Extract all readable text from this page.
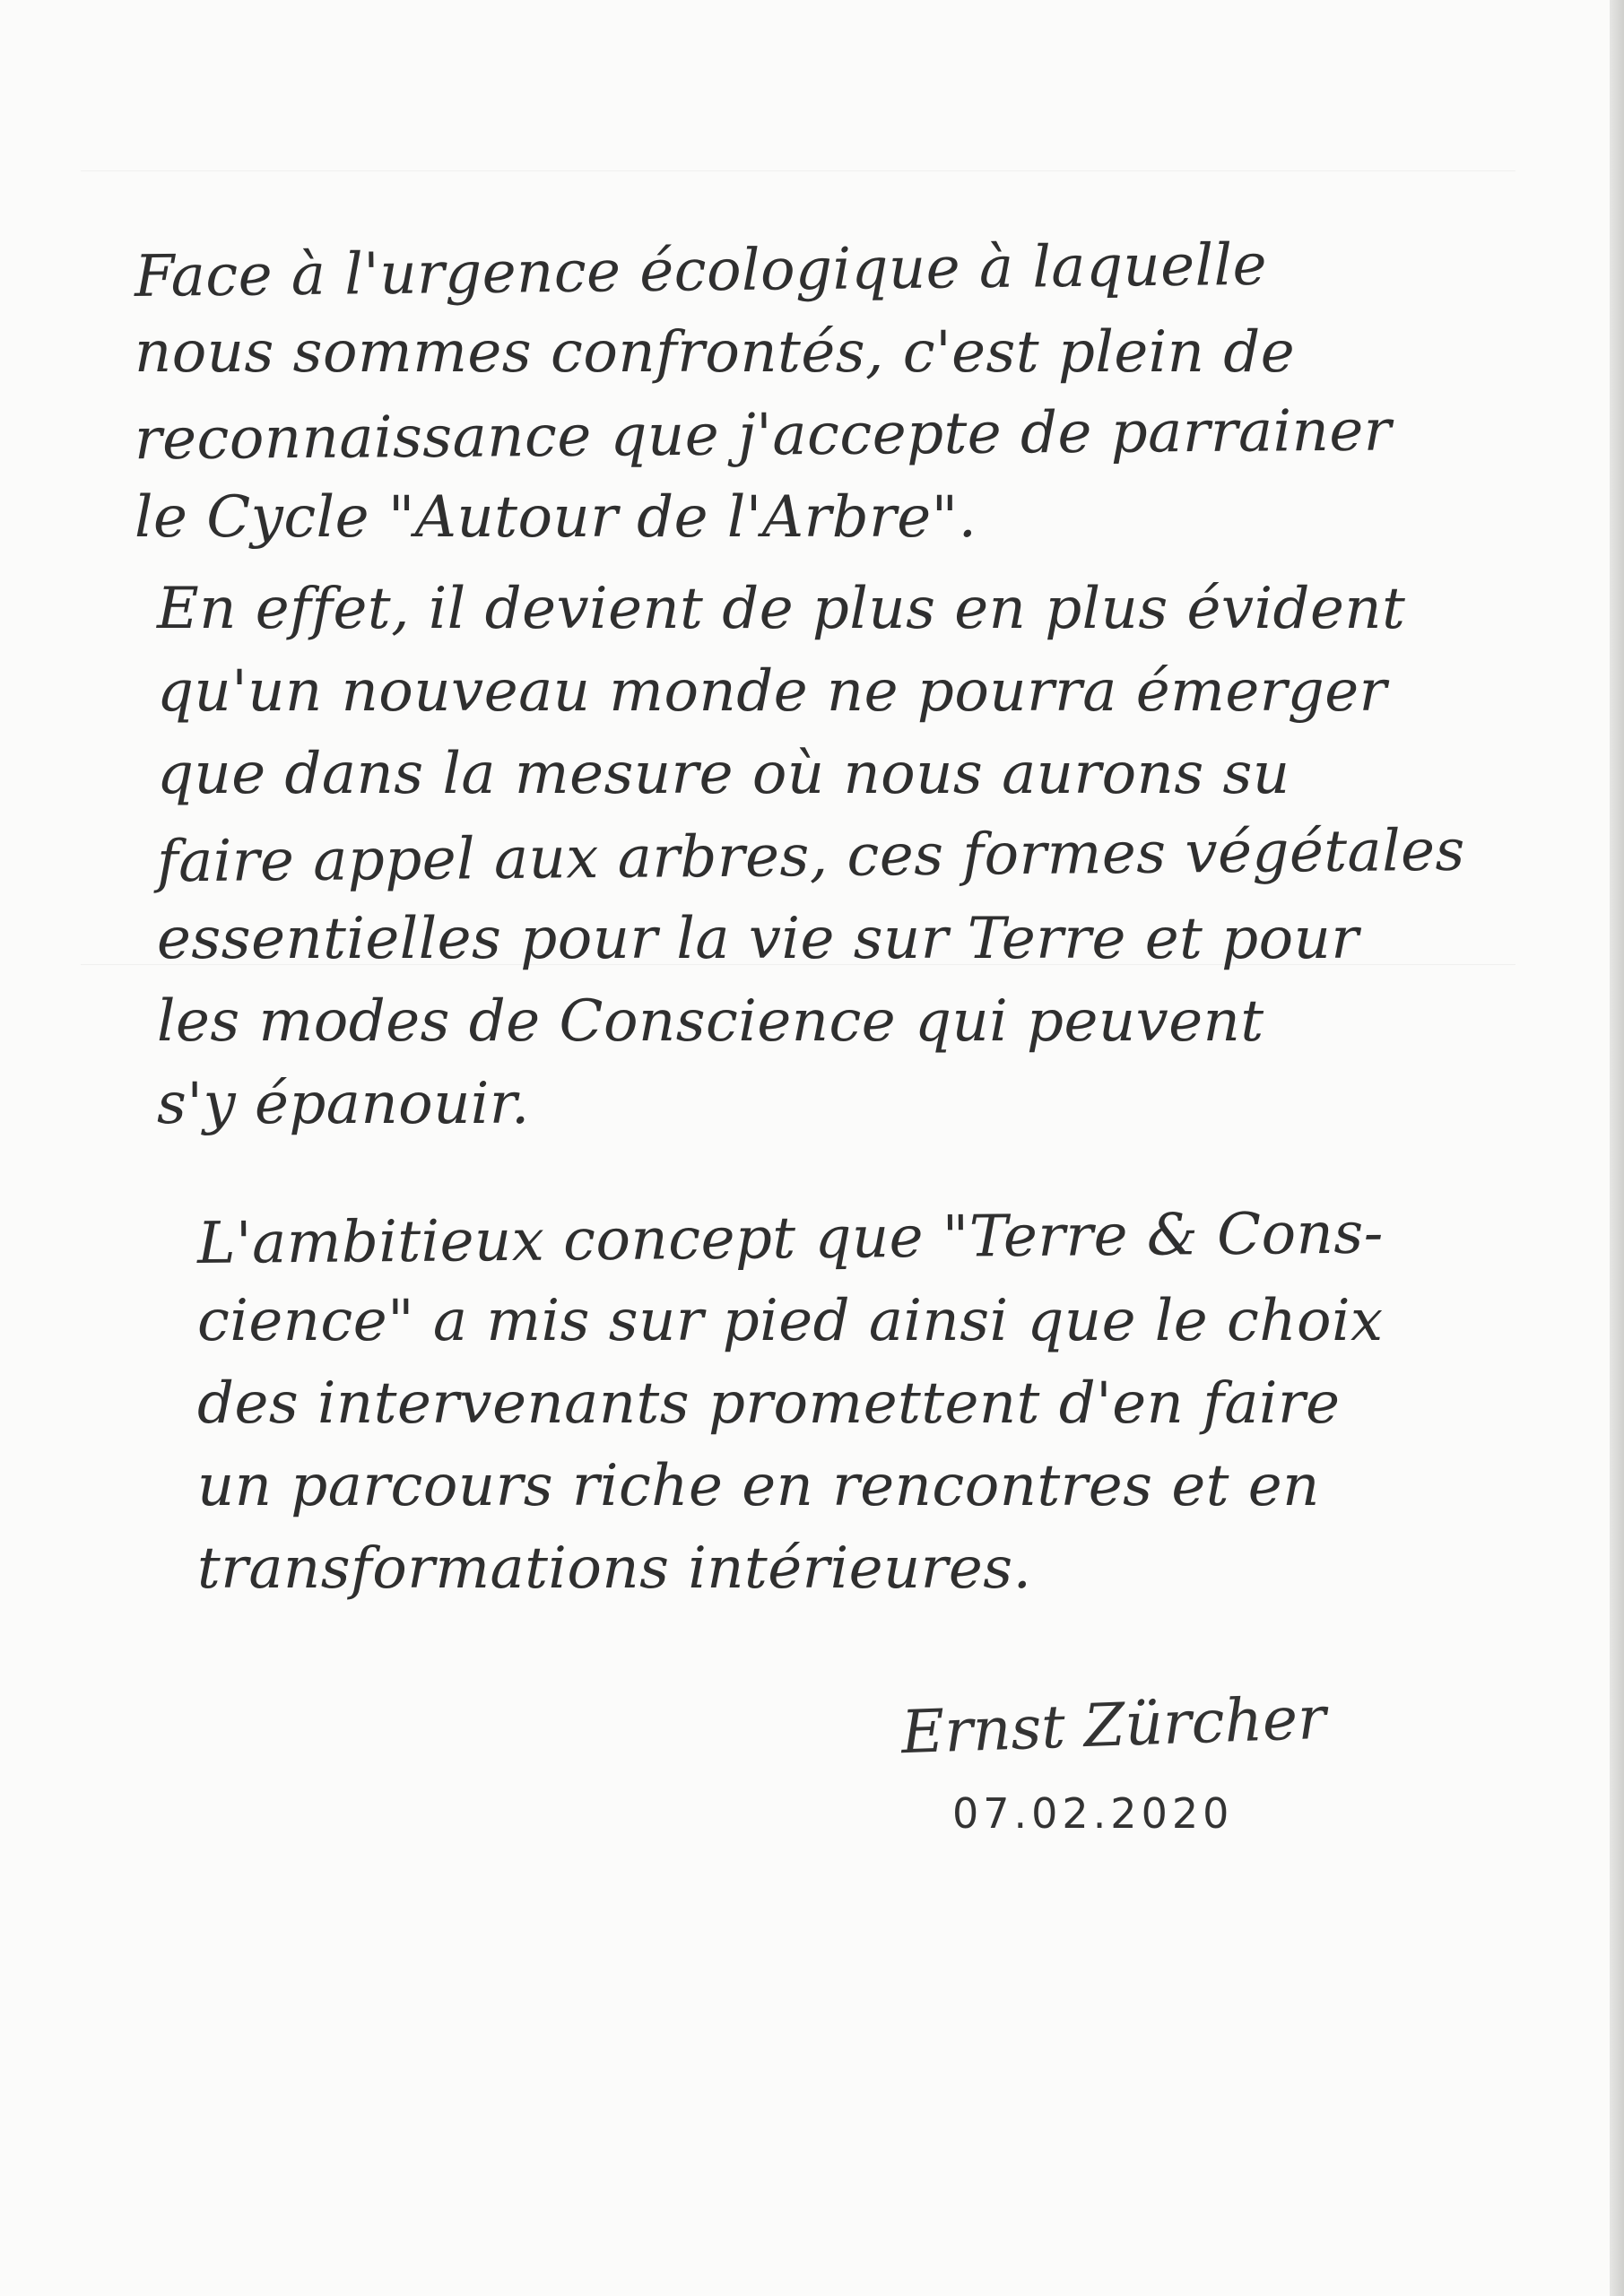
Face à l'urgence écologique à laquelle
nous sommes confrontés, c'est plein de
reconnaissance que j'accepte de parrainer
le Cycle "Autour de l'Arbre".
En effet, il devient de plus en plus évident
qu'un nouveau monde ne pourra émerger
que dans la mesure où nous aurons su
faire appel aux arbres, ces formes végétales
essentielles pour la vie sur Terre et pour
les modes de Conscience qui peuvent
s'y épanouir.
L'ambitieux concept que "Terre & Cons-
cience" a mis sur pied ainsi que le choix
des intervenants promettent d'en faire
un parcours riche en rencontres et en
transformations intérieures.
Ernst Zürcher
07.02.2020
